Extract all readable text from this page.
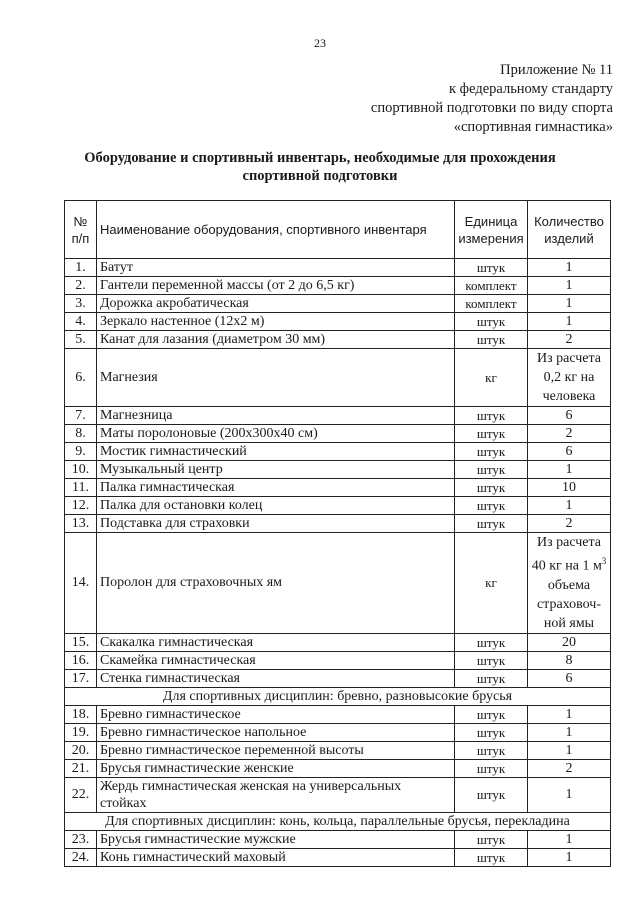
23
Приложение № 11
к федеральному стандарту
спортивной подготовки по виду спорта
«спортивная гимнастика»
Оборудование и спортивный инвентарь, необходимые для прохождения
спортивной подготовки
№ п/п	Наименование оборудования, спортивного инвентаря	Единица измерения	Количество изделий
1.	Батут	штук	1
2.	Гантели переменной массы (от 2 до 6,5 кг)	комплект	1
3.	Дорожка акробатическая	комплект	1
4.	Зеркало настенное (12х2 м)	штук	1
5.	Канат для лазания (диаметром 30 мм)	штук	2
6.	Магнезия	кг	Из расчета 0,2 кг на человека
7.	Магнезница	штук	6
8.	Маты поролоновые (200х300х40 см)	штук	2
9.	Мостик гимнастический	штук	6
10.	Музыкальный центр	штук	1
11.	Палка гимнастическая	штук	10
12.	Палка для остановки колец	штук	1
13.	Подставка для страховки	штук	2
14.	Поролон для страховочных ям	кг	Из расчета 40 кг на 1 $м^3$ объема страховоч-ной ямы
15.	Скакалка гимнастическая	штук	20
16.	Скамейка гимнастическая	штук	8
17.	Стенка гимнастическая	штук	6
Для спортивных дисциплин: бревно, разновысокие брусья			
18.	Бревно гимнастическое	штук	1
19.	Бревно гимнастическое напольное	штук	1
20.	Бревно гимнастическое переменной высоты	штук	1
21.	Брусья гимнастические женские	штук	2
22.	Жердь гимнастическая женская на универсальных стойках	штук	1
Для спортивных дисциплин: конь, кольца, параллельные брусья, перекладина			
23.	Брусья гимнастические мужские	штук	1
24.	Конь гимнастический маховый	штук	1
